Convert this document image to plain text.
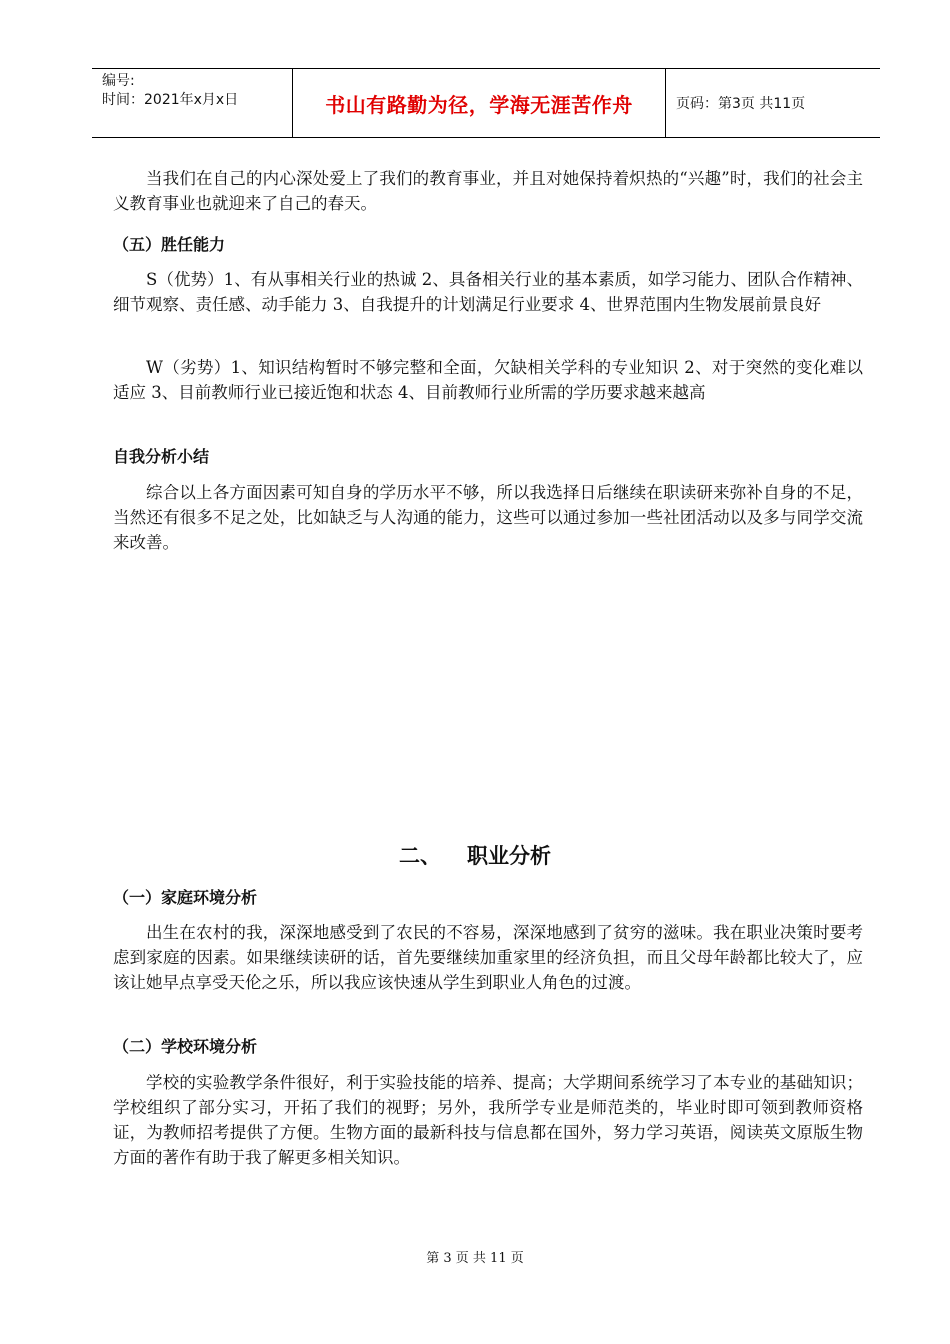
编号:
时间：2021年x月x日	书山有路勤为径，学海无涯苦作舟	页码：第3页 共11页

当我们在自己的内心深处爱上了我们的教育事业，并且对她保持着炽热的“兴趣”时，我们的社会主义教育事业也就迎来了自己的春天。

（五）胜任能力

S（优势）1、有从事相关行业的热诚 2、具备相关行业的基本素质，如学习能力、团队合作精神、细节观察、责任感、动手能力 3、自我提升的计划满足行业要求 4、世界范围内生物发展前景良好

W（劣势）1、知识结构暂时不够完整和全面，欠缺相关学科的专业知识 2、对于突然的变化难以适应 3、目前教师行业已接近饱和状态 4、目前教师行业所需的学历要求越来越高

自我分析小结

综合以上各方面因素可知自身的学历水平不够，所以我选择日后继续在职读研来弥补自身的不足，当然还有很多不足之处，比如缺乏与人沟通的能力，这些可以通过参加一些社团活动以及多与同学交流来改善。

二、 职业分析

（一）家庭环境分析

出生在农村的我，深深地感受到了农民的不容易，深深地感到了贫穷的滋味。我在职业决策时要考虑到家庭的因素。如果继续读研的话，首先要继续加重家里的经济负担，而且父母年龄都比较大了，应该让她早点享受天伦之乐，所以我应该快速从学生到职业人角色的过渡。

（二）学校环境分析

学校的实验教学条件很好，利于实验技能的培养、提高；大学期间系统学习了本专业的基础知识；学校组织了部分实习，开拓了我们的视野；另外，我所学专业是师范类的，毕业时即可领到教师资格证，为教师招考提供了方便。生物方面的最新科技与信息都在国外，努力学习英语，阅读英文原版生物方面的著作有助于我了解更多相关知识。

第 3 页 共 11 页
